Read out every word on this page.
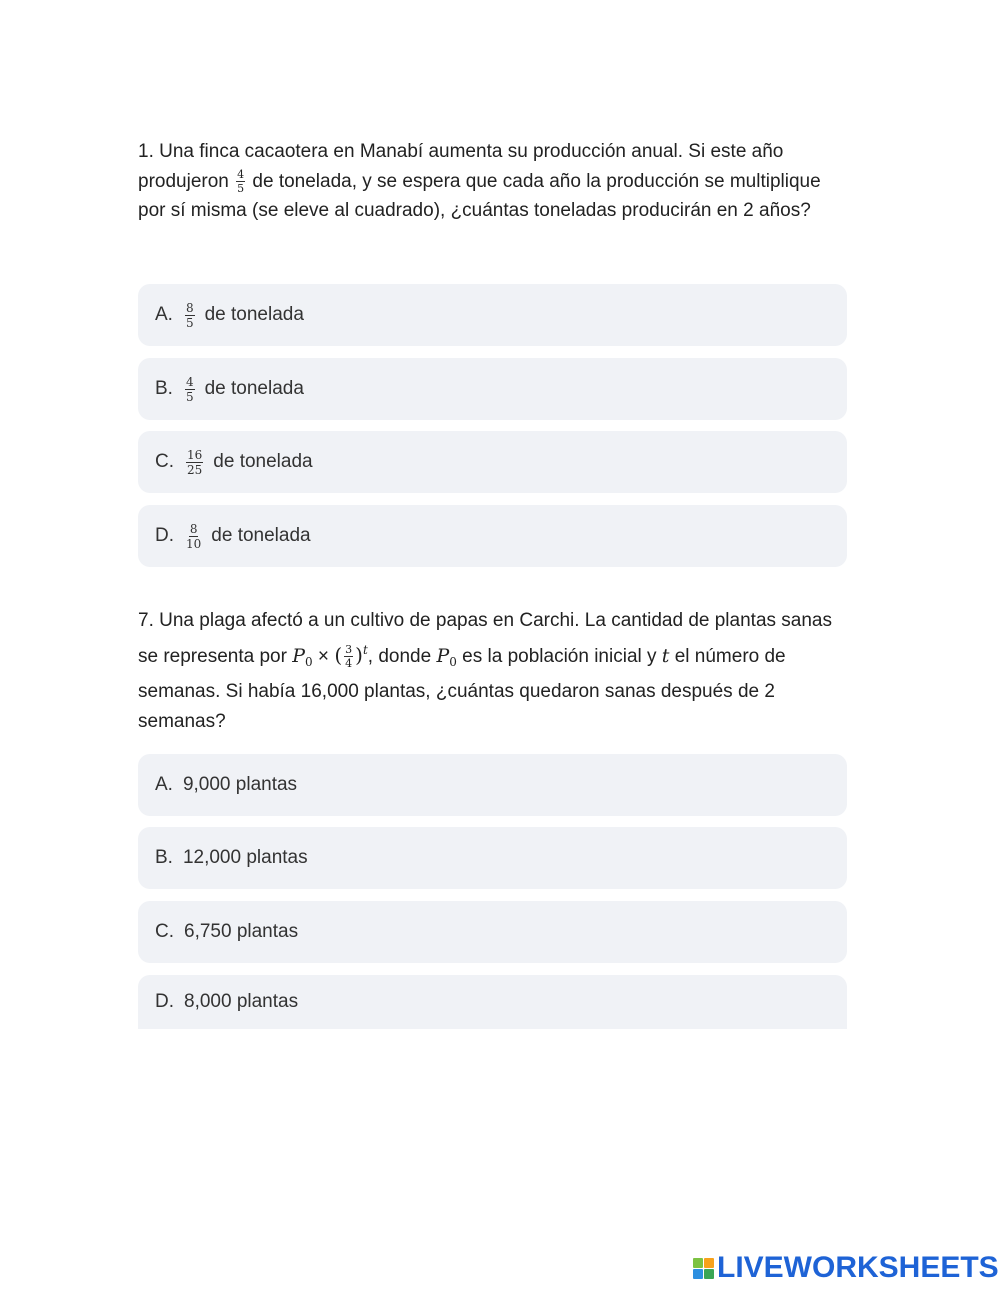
1. Una finca cacaotera en Manabí aumenta su producción anual. Si este año produjeron $\frac{4}{5}$ de tonelada, y se espera que cada año la producción se multiplique por sí misma (se eleve al cuadrado), ¿cuántas toneladas producirán en 2 años?
A. $\frac{8}{5}$ de tonelada
B. $\frac{4}{5}$ de tonelada
C. $\frac{16}{25}$ de tonelada
D. $\frac{8}{10}$ de tonelada
7. Una plaga afectó a un cultivo de papas en Carchi. La cantidad de plantas sanas se representa por $P_0$ × ( $\frac{3}{4} )^t$, donde $P_0$ es la población inicial y t el número de semanas. Si había 16,000 plantas, ¿cuántas quedaron sanas después de 2 semanas?
A. 9,000 plantas
B. 12,000 plantas
C. 6,750 plantas
D. 8,000 plantas
LIVEWORKSHEETS
